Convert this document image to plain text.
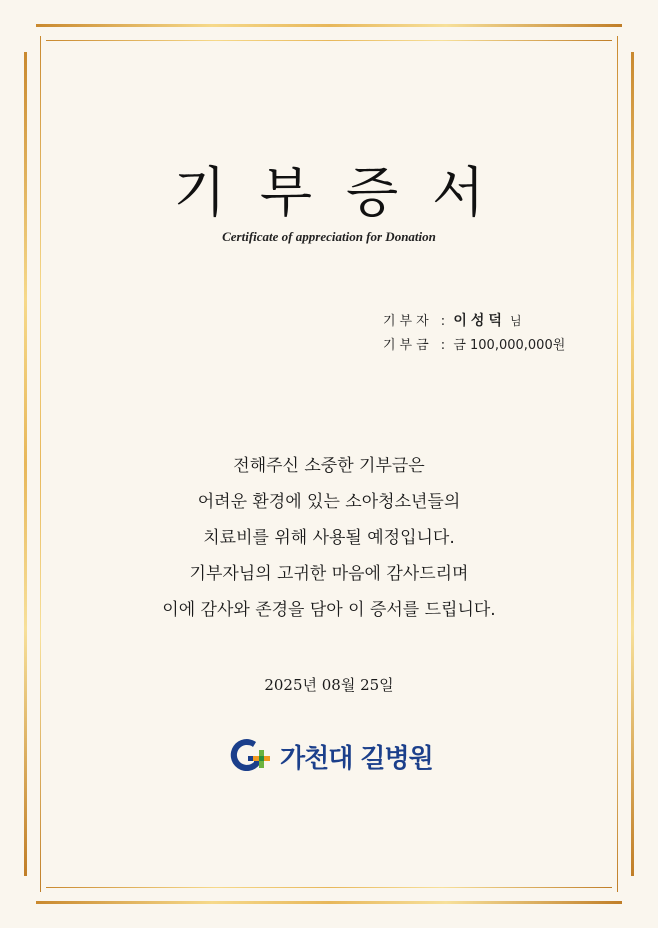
기부증서
Certificate of appreciation for Donation
기부자 : 이성덕 님
기부금 : 금 100,000,000원
전해주신 소중한 기부금은
어려운 환경에 있는 소아청소년들의
치료비를 위해 사용될 예정입니다.
기부자님의 고귀한 마음에 감사드리며
이에 감사와 존경을 담아 이 증서를 드립니다.
2025년 08월 25일
가천대 길병원
